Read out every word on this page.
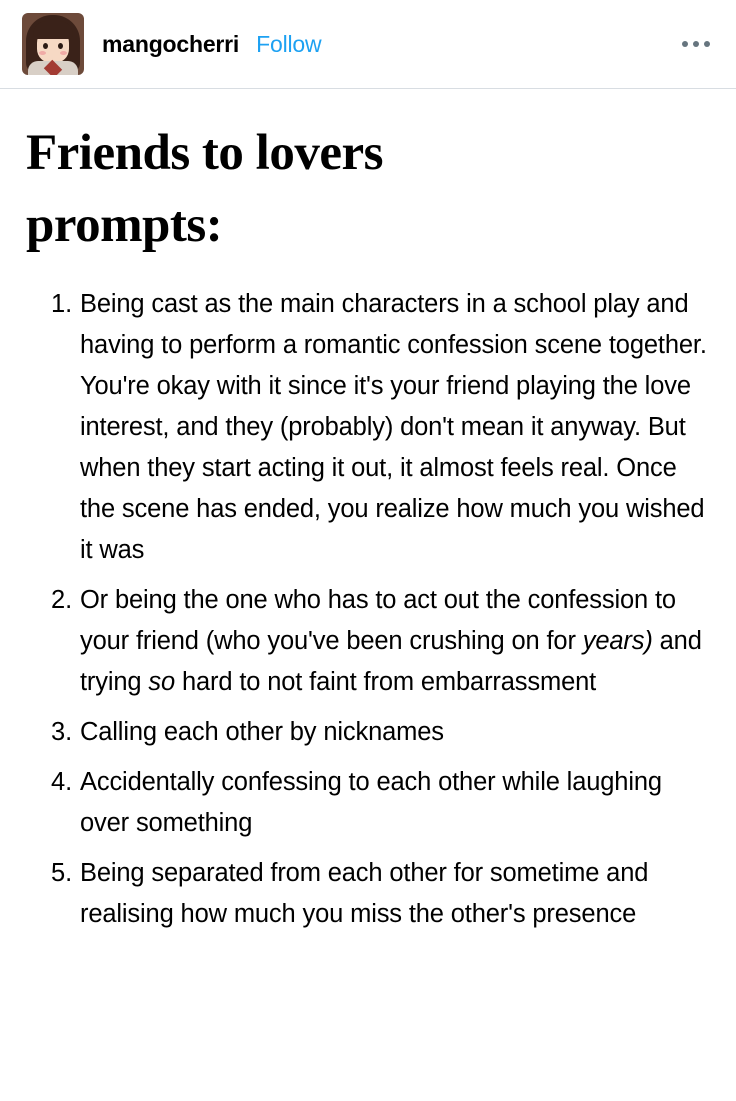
mangocherri Follow
Friends to lovers prompts:
Being cast as the main characters in a school play and having to perform a romantic confession scene together. You're okay with it since it's your friend playing the love interest, and they (probably) don't mean it anyway. But when they start acting it out, it almost feels real. Once the scene has ended, you realize how much you wished it was
Or being the one who has to act out the confession to your friend (who you've been crushing on for years) and trying so hard to not faint from embarrassment
Calling each other by nicknames
Accidentally confessing to each other while laughing over something
Being separated from each other for sometime and realising how much you miss the other's presence
